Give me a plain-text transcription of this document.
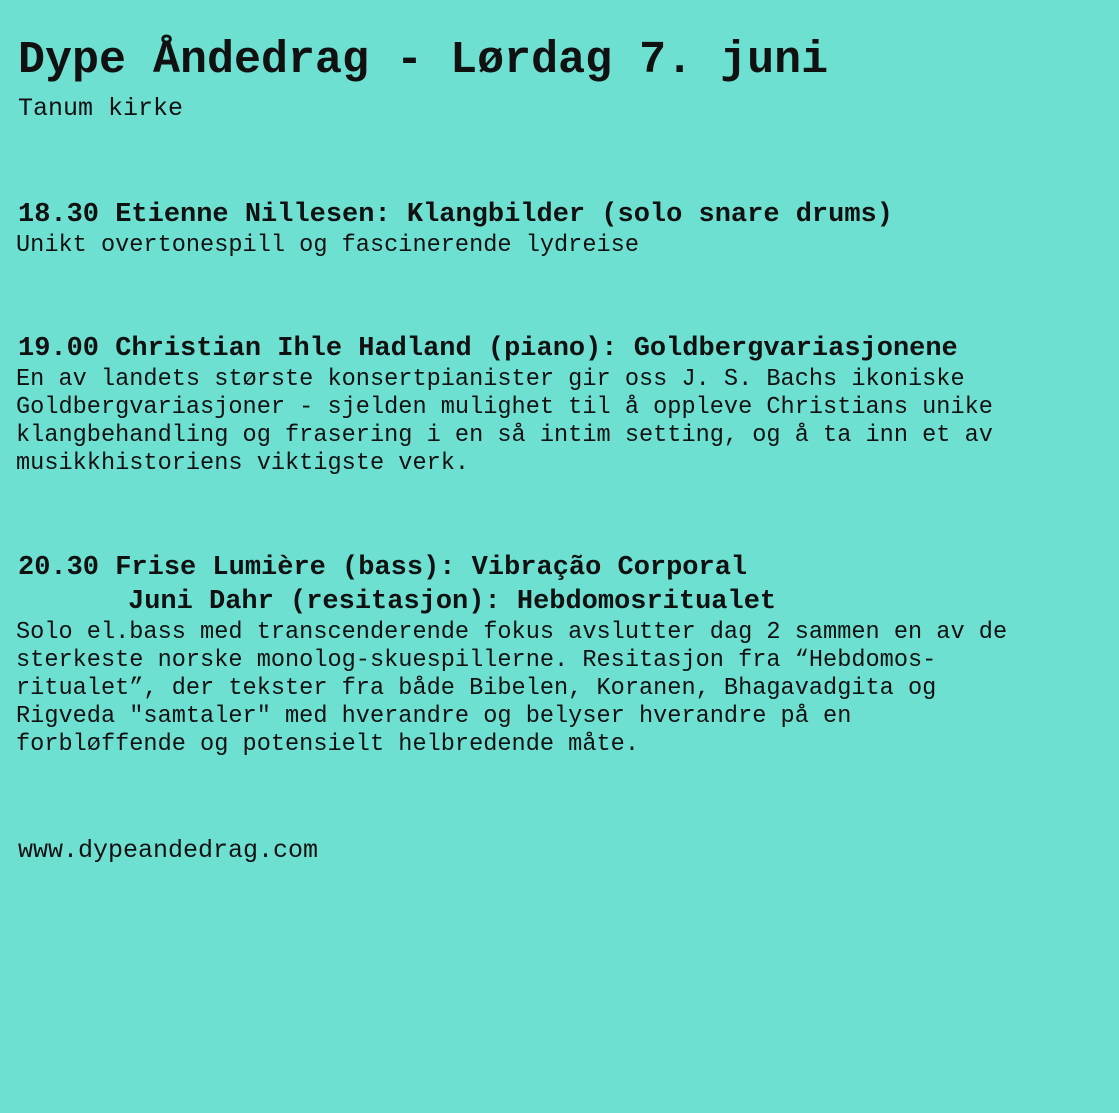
Dype Åndedrag - Lørdag 7. juni
Tanum kirke
18.30 Etienne Nillesen: Klangbilder (solo snare drums)
Unikt overtonespill og fascinerende lydreise
19.00 Christian Ihle Hadland (piano): Goldbergvariasjonene
En av landets største konsertpianister gir oss J. S. Bachs ikoniske
Goldbergvariasjoner - sjelden mulighet til å oppleve Christians unike
klangbehandling og frasering i en så intim setting, og å ta inn et av
musikkhistoriens viktigste verk.
20.30 Frise Lumière (bass): Vibração Corporal
Juni Dahr (resitasjon): Hebdomosritualet
Solo el.bass med transcenderende fokus avslutter dag 2 sammen en av de
sterkeste norske monolog-skuespillerne. Resitasjon fra “Hebdomos-
ritualet”, der tekster fra både Bibelen, Koranen, Bhagavadgita og
Rigveda "samtaler" med hverandre og belyser hverandre på en
forbløffende og potensielt helbredende måte.
www.dypeandedrag.com
